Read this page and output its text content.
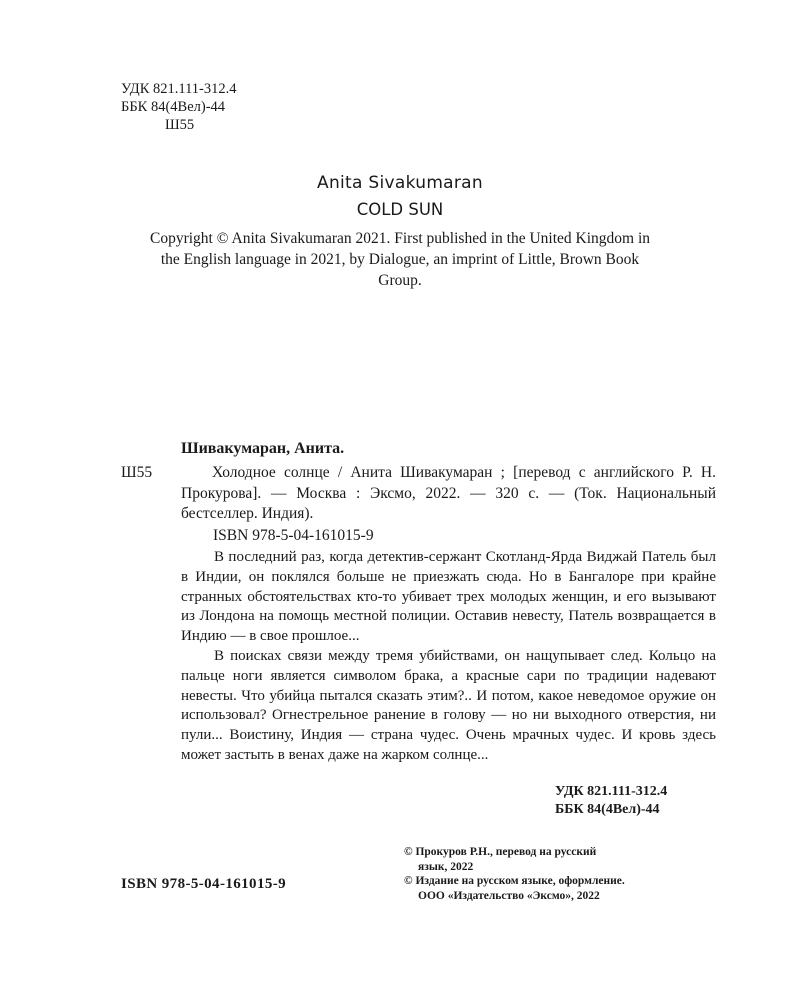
УДК 821.111-312.4
ББК 84(4Вел)-44
Ш55
Anita Sivakumaran
COLD SUN
Copyright © Anita Sivakumaran 2021. First published in the United Kingdom in the English language in 2021, by Dialogue, an imprint of Little, Brown Book Group.
Шивакумаран, Анита.
Ш55	Холодное солнце / Анита Шивакумаран ; [перевод с английского Р. Н. Прокурова]. — Москва : Эксмо, 2022. — 320 с. — (Ток. Национальный бестселлер. Индия).
ISBN 978-5-04-161015-9

В последний раз, когда детектив-сержант Скотланд-Ярда Виджай Патель был в Индии, он поклялся больше не приезжать сюда. Но в Бангалоре при крайне странных обстоятельствах кто-то убивает трех молодых женщин, и его вызывают из Лондона на помощь местной полиции. Оставив невесту, Патель возвращается в Индию — в свое прошлое...

В поисках связи между тремя убийствами, он нащупывает след. Кольцо на пальце ноги является символом брака, а красные сари по традиции надевают невесты. Что убийца пытался сказать этим?.. И потом, какое неведомое оружие он использовал? Огнестрельное ранение в голову — но ни выходного отверстия, ни пули... Воистину, Индия — страна чудес. Очень мрачных чудес. И кровь здесь может застыть в венах даже на жарком солнце...

УДК 821.111-312.4
ББК 84(4Вел)-44
ISBN 978-5-04-161015-9
© Прокуров Р.Н., перевод на русский
язык, 2022
© Издание на русском языке, оформление.
ООО «Издательство «Эксмо», 2022
